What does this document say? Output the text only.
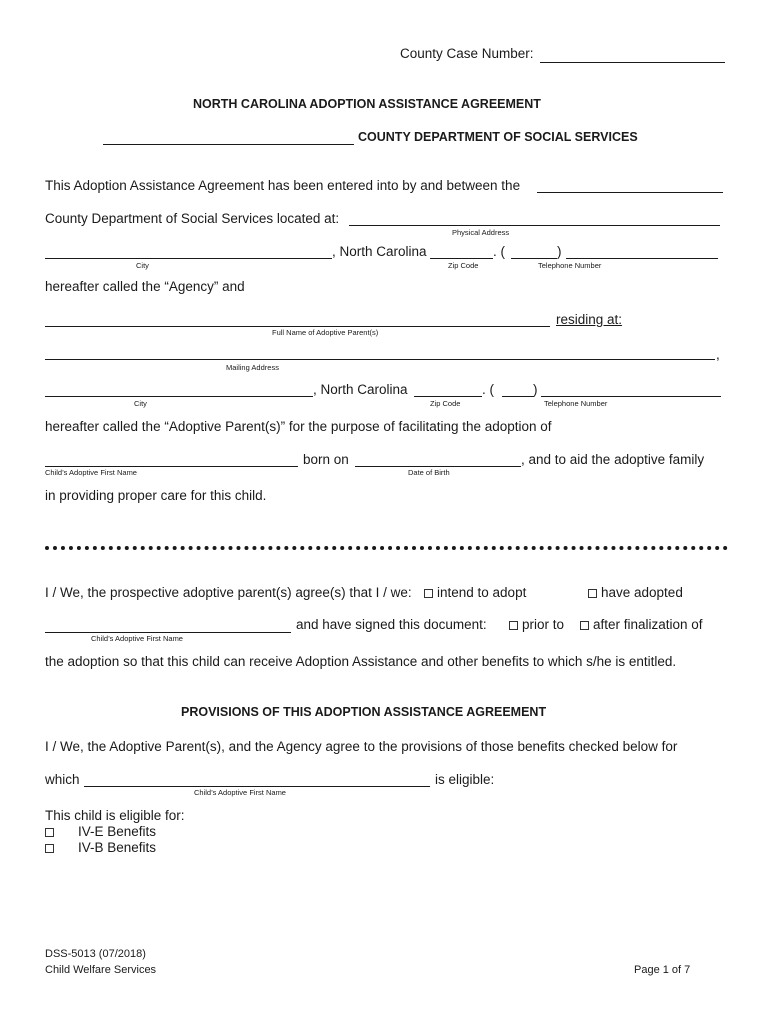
County Case Number:
NORTH CAROLINA ADOPTION ASSISTANCE AGREEMENT
COUNTY DEPARTMENT OF SOCIAL SERVICES
This Adoption Assistance Agreement has been entered into by and between the
County Department of Social Services located at:
Physical Address
, North Carolina	. (	)
City	Zip Code	Telephone Number
hereafter called the “Agency” and
residing at:
Full Name of Adoptive Parent(s)
,
Mailing Address
, North Carolina	. (	)
City	Zip Code	Telephone Number
hereafter called the “Adoptive Parent(s)” for the purpose of facilitating the adoption of
born on	, and to aid the adoptive family
Child’s Adoptive First Name	Date of Birth
in providing proper care for this child.
I / We, the prospective adoptive parent(s) agree(s) that I / we:	intend to adopt	have adopted
and have signed this document:	prior to	after finalization of
Child’s Adoptive First Name
the adoption so that this child can receive Adoption Assistance and other benefits to which s/he is entitled.
PROVISIONS OF THIS ADOPTION ASSISTANCE AGREEMENT
I / We, the Adoptive Parent(s), and the Agency agree to the provisions of those benefits checked below for
which	is eligible:
Child’s Adoptive First Name
This child is eligible for:
IV-E Benefits
IV-B Benefits
DSS-5013 (07/2018)
Child Welfare Services	Page 1 of 7
